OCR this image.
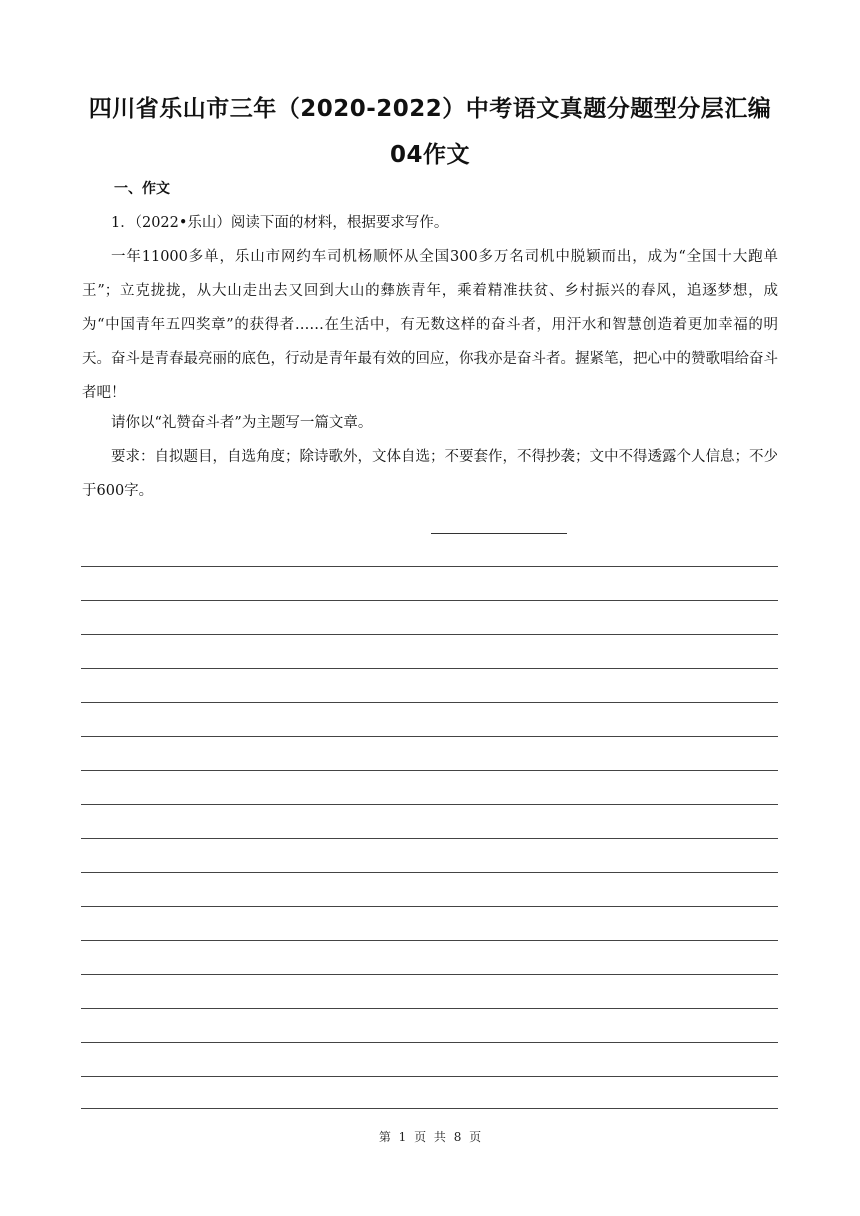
四川省乐山市三年（2020-2022）中考语文真题分题型分层汇编
04作文
一、作文

1．（2022•乐山）阅读下面的材料，根据要求写作。

一年11000多单，乐山市网约车司机杨顺怀从全国300多万名司机中脱颖而出，成为“全国十大跑单王”；立克拢拢，从大山走出去又回到大山的彝族青年，乘着精准扶贫、乡村振兴的春风，追逐梦想，成为“中国青年五四奖章”的获得者……在生活中，有无数这样的奋斗者，用汗水和智慧创造着更加幸福的明天。奋斗是青春最亮丽的底色，行动是青年最有效的回应，你我亦是奋斗者。握紧笔，把心中的赞歌唱给奋斗者吧！

请你以“礼赞奋斗者”为主题写一篇文章。

要求：自拟题目，自选角度；除诗歌外，文体自选；不要套作，不得抄袭；文中不得透露个人信息；不少于600字。

第 1 页 共 8 页
